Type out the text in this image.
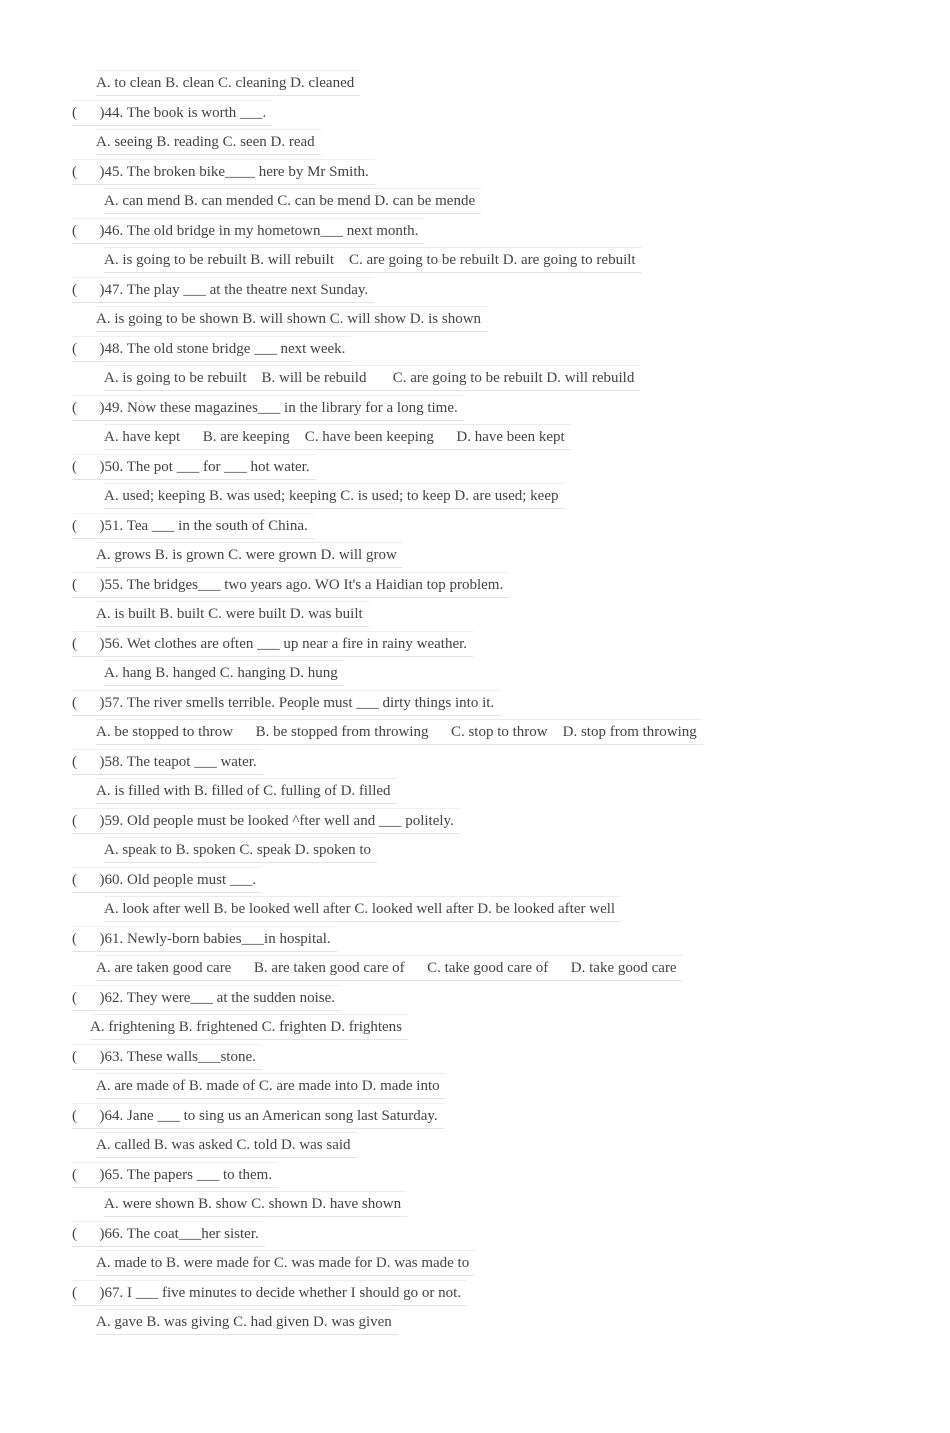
A. to clean B. clean C. cleaning D. cleaned
(      )44. The book is worth ___.
A. seeing B. reading C. seen D. read
(      )45. The broken bike____ here by Mr Smith.
A. can mend B. can mended C. can be mend D. can be mende
(      )46. The old bridge in my hometown___ next month.
A. is going to be rebuilt B. will rebuilt    C. are going to be rebuilt D. are going to rebuilt
(      )47. The play ___ at the theatre next Sunday.
A. is going to be shown B. will shown C. will show D. is shown
(      )48. The old stone bridge ___ next week.
A. is going to be rebuilt    B. will be rebuild       C. are going to be rebuilt D. will rebuild
(      )49. Now these magazines___ in the library for a long time.
A. have kept      B. are keeping    C. have been keeping      D. have been kept
(      )50. The pot ___ for ___ hot water.
A. used; keeping B. was used; keeping C. is used; to keep D. are used; keep
(      )51. Tea ___ in the south of China.
A. grows B. is grown C. were grown D. will grow
(      )55. The bridges___ two years ago. WO It's a Haidian top problem.
A. is built B. built C. were built D. was built
(      )56. Wet clothes are often ___ up near a fire in rainy weather.
A. hang B. hanged C. hanging D. hung
(      )57. The river smells terrible. People must ___ dirty things into it.
A. be stopped to throw      B. be stopped from throwing      C. stop to throw    D. stop from throwing
(      )58. The teapot ___ water.
A. is filled with B. filled of C. fulling of D. filled
(      )59. Old people must be looked ^fter well and ___ politely.
A. speak to B. spoken C. speak D. spoken to
(      )60. Old people must ___.
A. look after well B. be looked well after C. looked well after D. be looked after well
(      )61. Newly-born babies___in hospital.
A. are taken good care      B. are taken good care of      C. take good care of      D. take good care
(      )62. They were___ at the sudden noise.
A. frightening B. frightened C. frighten D. frightens
(      )63. These walls___stone.
A. are made of B. made of C. are made into D. made into
(      )64. Jane ___ to sing us an American song last Saturday.
A. called B. was asked C. told D. was said
(      )65. The papers ___ to them.
A. were shown B. show C. shown D. have shown
(      )66. The coat___her sister.
A. made to B. were made for C. was made for D. was made to
(      )67. I ___ five minutes to decide whether I should go or not.
A. gave B. was giving C. had given D. was given
